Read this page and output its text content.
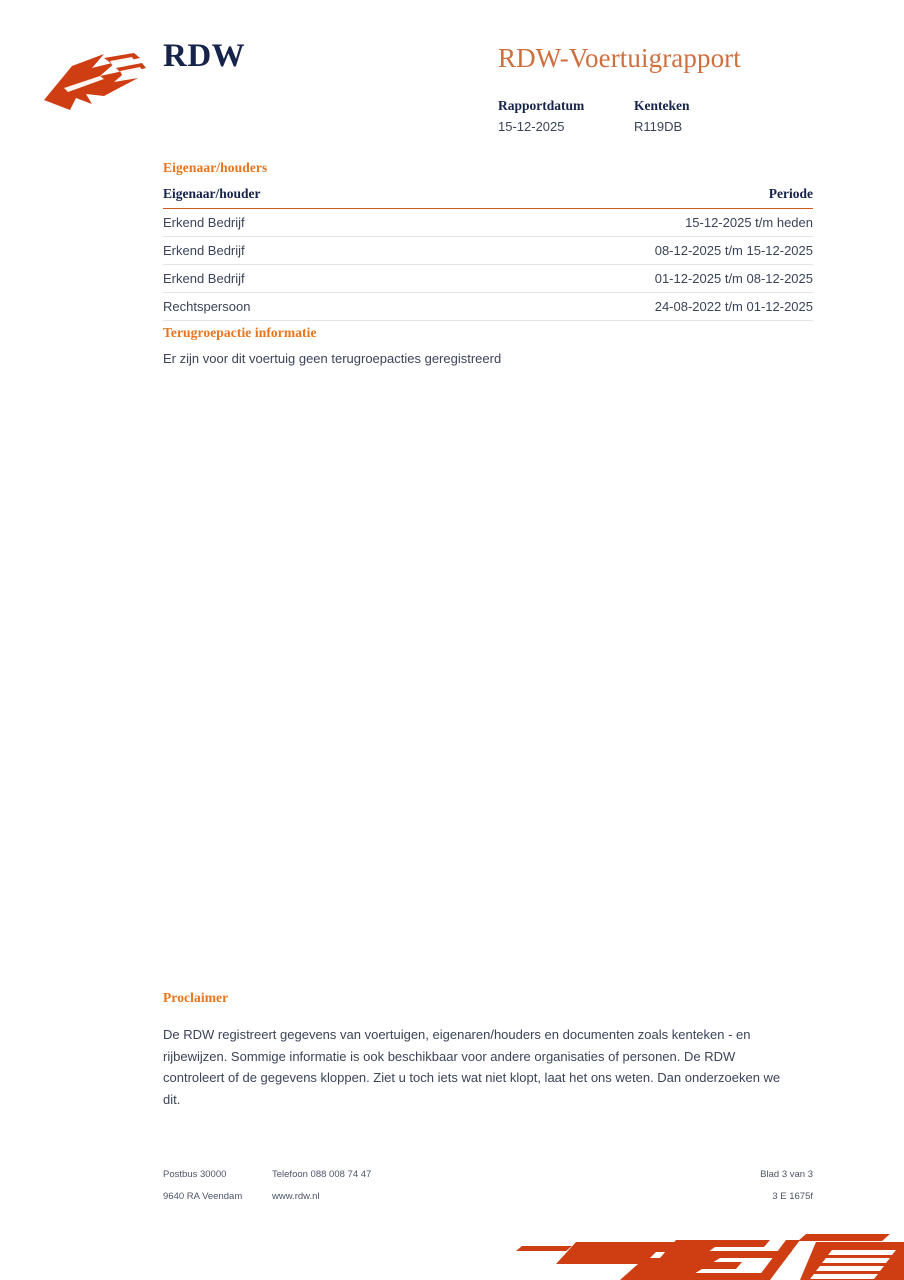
RDW	RDW-Voertuigrapport
Rapportdatum
15-12-2025
Kenteken
R119DB
Eigenaar/houders
Eigenaar/houder	Periode
Erkend Bedrijf	15-12-2025 t/m heden
Erkend Bedrijf	08-12-2025 t/m 15-12-2025
Erkend Bedrijf	01-12-2025 t/m 08-12-2025
Rechtspersoon	24-08-2022 t/m 01-12-2025
Terugroepactie informatie
Er zijn voor dit voertuig geen terugroepacties geregistreerd
Proclaimer
De RDW registreert gegevens van voertuigen, eigenaren/houders en documenten zoals kenteken - en rijbewijzen. Sommige informatie is ook beschikbaar voor andere organisaties of personen. De RDW controleert of de gegevens kloppen. Ziet u toch iets wat niet klopt, laat het ons weten. Dan onderzoeken we dit.
Postbus 30000	Telefoon 088 008 74 47	Blad 3 van 3
9640 RA Veendam	www.rdw.nl	3 E 1675f
